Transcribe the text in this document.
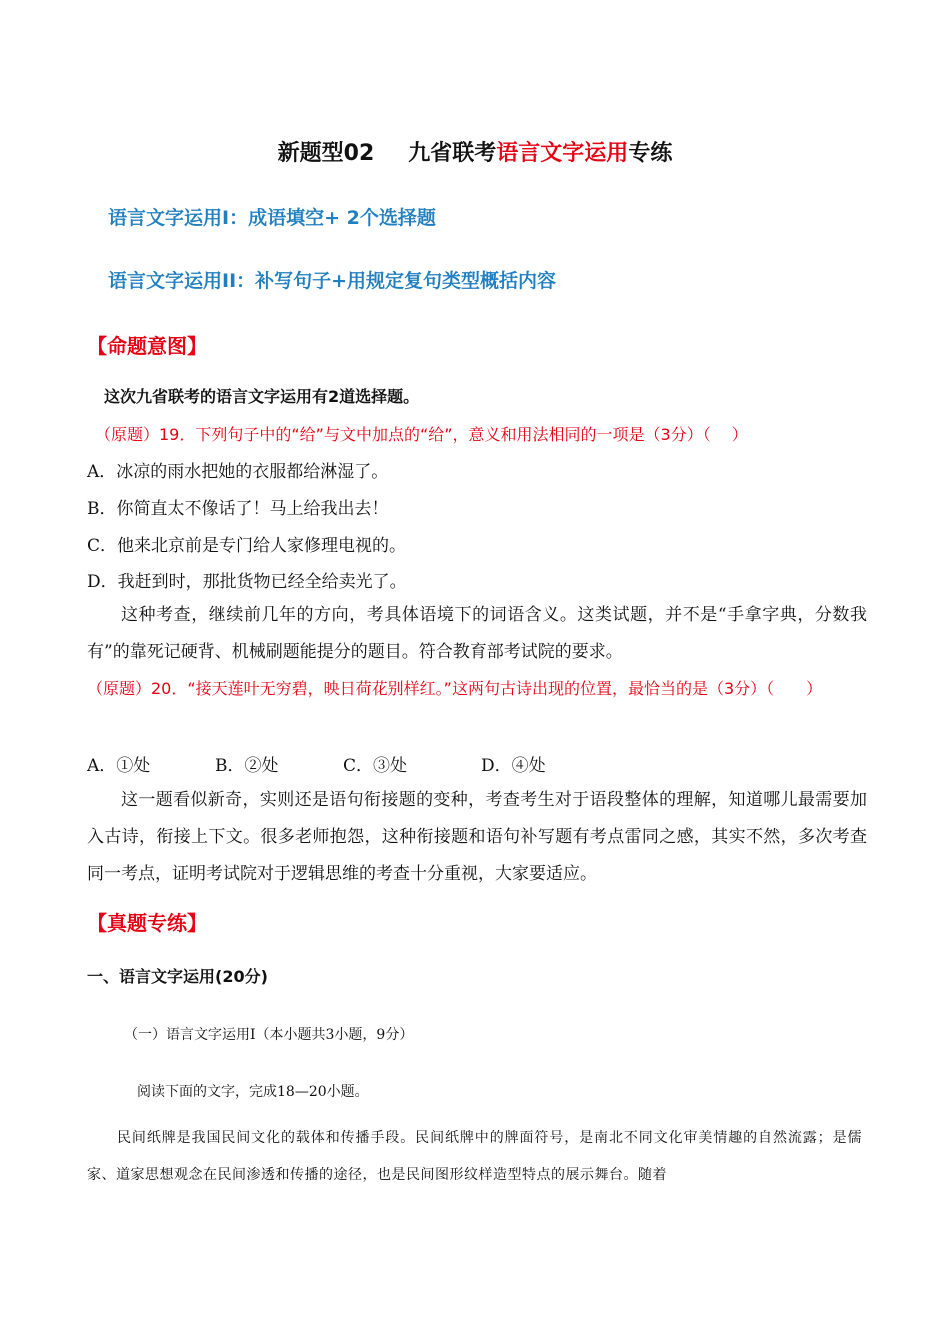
新题型02 九省联考语言文字运用专练
语言文字运用Ⅰ：成语填空+ 2个选择题
语言文字运用II：补写句子+用规定复句类型概括内容
【命题意图】
这次九省联考的语言文字运用有2道选择题。
（原题）19．下列句子中的“给”与文中加点的“给”，意义和用法相同的一项是（3分）（　 ）
A．冰凉的雨水把她的衣服都给淋湿了。
B．你简直太不像话了！马上给我出去！
C．他来北京前是专门给人家修理电视的。
D．我赶到时，那批货物已经全给卖光了。
这种考查，继续前几年的方向，考具体语境下的词语含义。这类试题，并不是“手拿字典，分数我有”的靠死记硬背、机械刷题能提分的题目。符合教育部考试院的要求。
（原题）20．“接天莲叶无穷碧，映日荷花别样红。”这两句古诗出现的位置，最恰当的是（3分）（　　）
A．①处	B．②处	C．③处	D．④处
这一题看似新奇，实则还是语句衔接题的变种，考查考生对于语段整体的理解，知道哪儿最需要加入古诗，衔接上下文。很多老师抱怨，这种衔接题和语句补写题有考点雷同之感，其实不然，多次考查同一考点，证明考试院对于逻辑思维的考查十分重视，大家要适应。
【真题专练】
一、语言文字运用(20分)
（一）语言文字运用Ⅰ（本小题共3小题，9分）
阅读下面的文字，完成18—20小题。
民间纸牌是我国民间文化的载体和传播手段。民间纸牌中的牌面符号，是南北不同文化审美情趣的自然流露；是儒家、道家思想观念在民间渗透和传播的途径，也是民间图形纹样造型特点的展示舞台。随着
